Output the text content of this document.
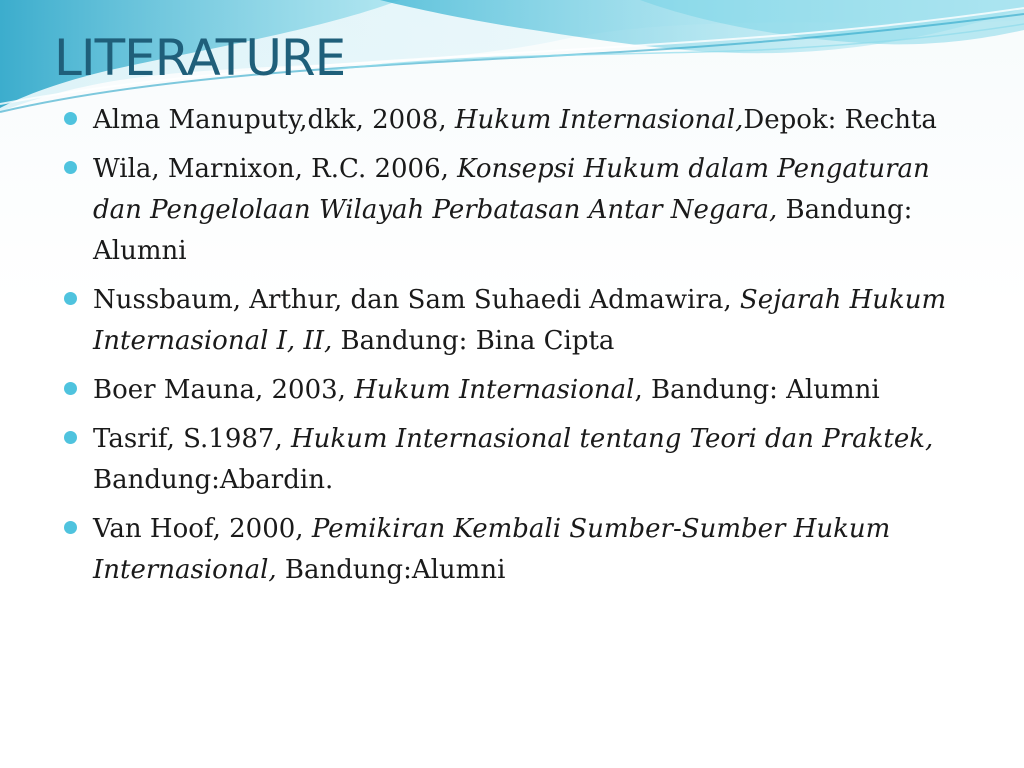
LITERATURE
Alma Manuputy,dkk, 2008, Hukum Internasional,Depok: Rechta
Wila, Marnixon, R.C. 2006, Konsepsi Hukum dalam Pengaturan dan Pengelolaan Wilayah Perbatasan Antar Negara, Bandung: Alumni
Nussbaum, Arthur, dan Sam Suhaedi Admawira, Sejarah Hukum Internasional I, II, Bandung: Bina Cipta
Boer Mauna, 2003, Hukum Internasional, Bandung: Alumni
Tasrif, S.1987, Hukum Internasional tentang Teori dan Praktek, Bandung:Abardin.
Van Hoof, 2000, Pemikiran Kembali Sumber-Sumber Hukum Internasional, Bandung:Alumni
